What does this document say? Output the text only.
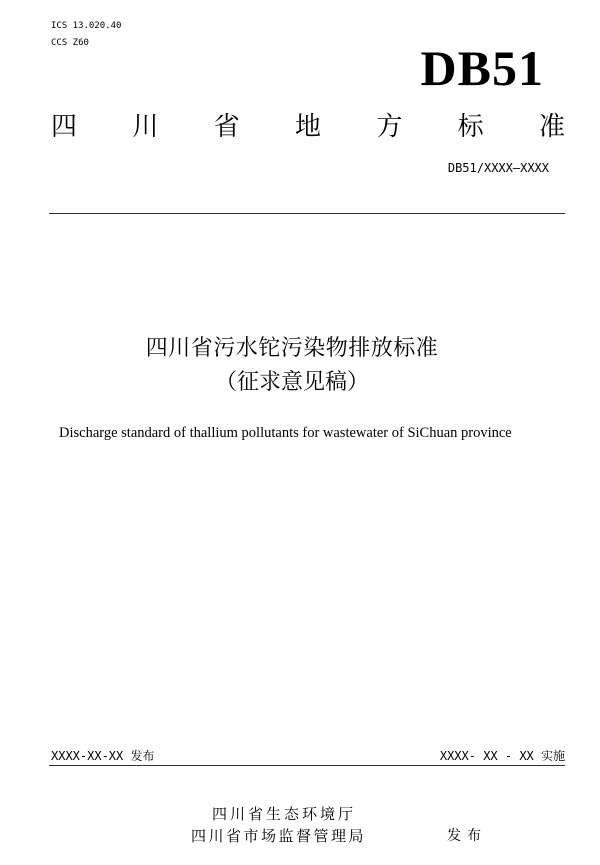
ICS 13.020.40
CCS Z60	DB51
四 川 省 地 方 标 准
DB51/XXXX—XXXX
四川省污水铊污染物排放标准
（征求意见稿）
Discharge standard of thallium pollutants for wastewater of SiChuan province
XXXX-XX-XX 发布	XXXX- XX - XX 实施
四川省生态环境厅
四川省市场监督管理局	发布
